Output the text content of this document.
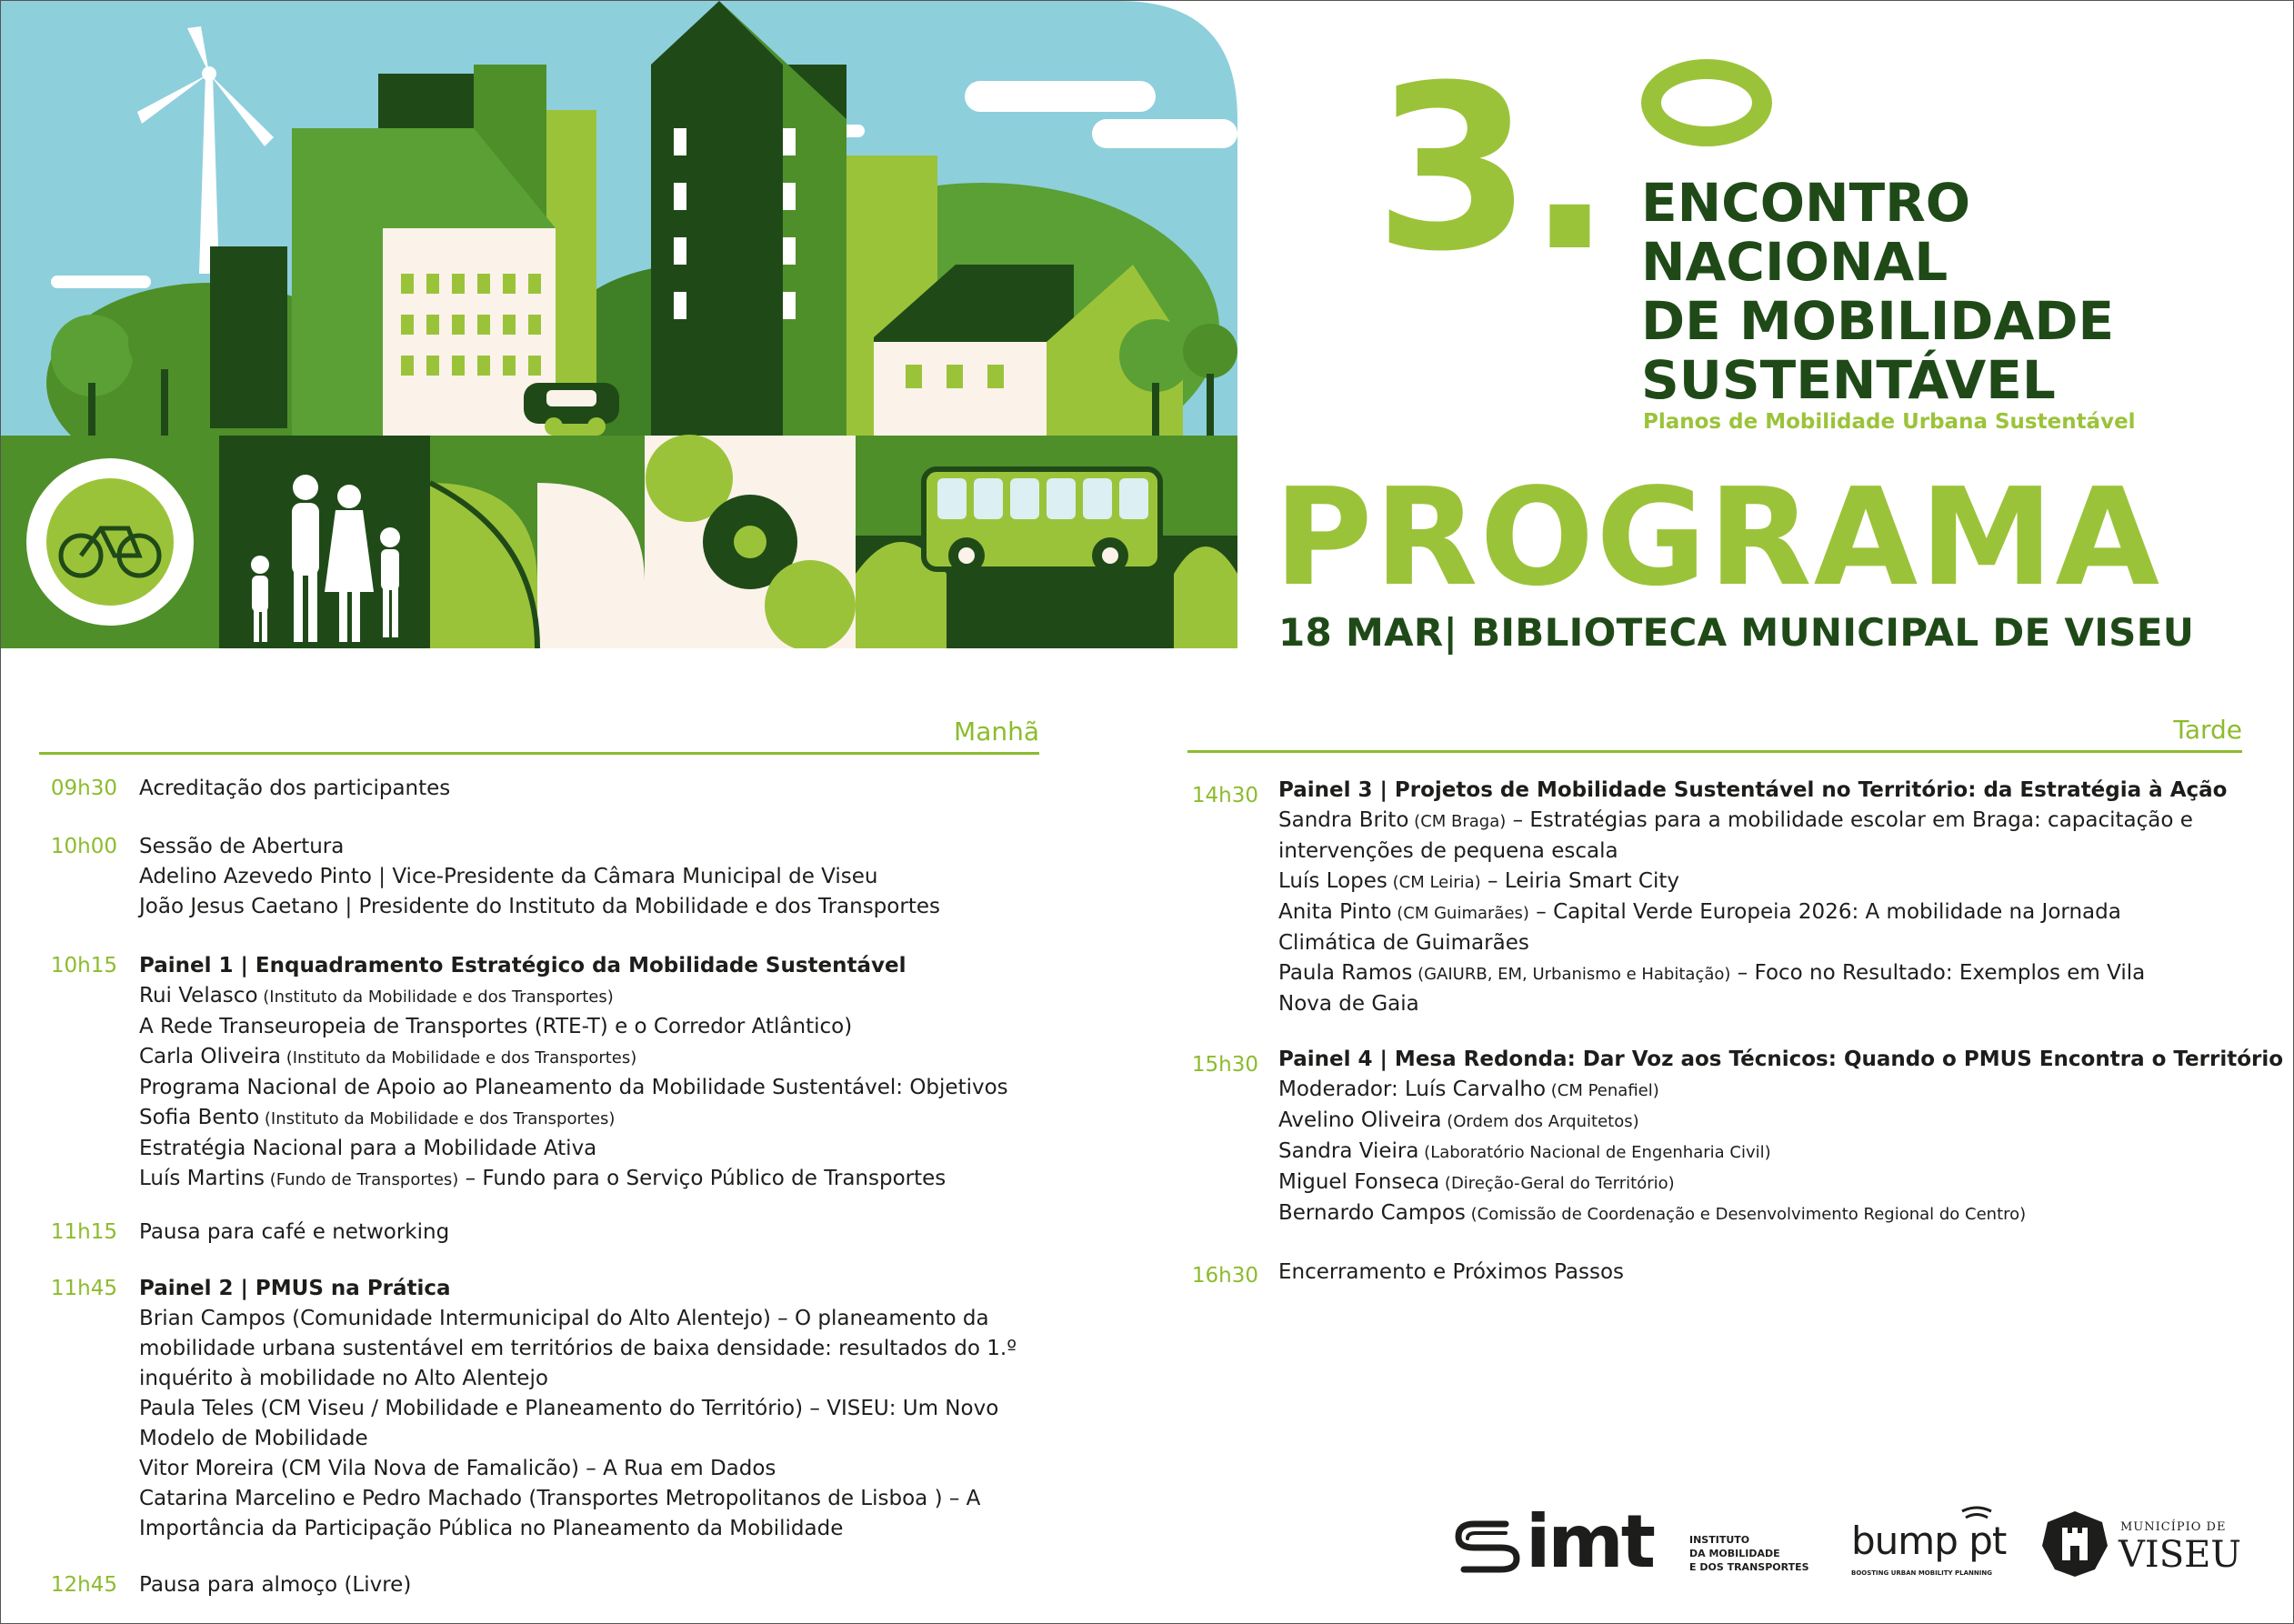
3. ENCONTRO
NACIONAL
DE MOBILIDADE
SUSTENTÁVEL
Planos de Mobilidade Urbana Sustentável
PROGRAMA
18 MAR| BIBLIOTECA MUNICIPAL DE VISEU
Manhã
09h30 Acreditação dos participantes
10h00 Sessão de Abertura
Adelino Azevedo Pinto | Vice-Presidente da Câmara Municipal de Viseu
João Jesus Caetano | Presidente do Instituto da Mobilidade e dos Transportes
10h15 Painel 1 | Enquadramento Estratégico da Mobilidade Sustentável
Rui Velasco (Instituto da Mobilidade e dos Transportes)
A Rede Transeuropeia de Transportes (RTE-T) e o Corredor Atlântico)
Carla Oliveira (Instituto da Mobilidade e dos Transportes)
Programa Nacional de Apoio ao Planeamento da Mobilidade Sustentável: Objetivos
Sofia Bento (Instituto da Mobilidade e dos Transportes)
Estratégia Nacional para a Mobilidade Ativa
Luís Martins (Fundo de Transportes) – Fundo para o Serviço Público de Transportes
11h15 Pausa para café e networking
11h45 Painel 2 | PMUS na Prática
Brian Campos (Comunidade Intermunicipal do Alto Alentejo) – O planeamento da
mobilidade urbana sustentável em territórios de baixa densidade: resultados do 1.º
inquérito à mobilidade no Alto Alentejo
Paula Teles (CM Viseu / Mobilidade e Planeamento do Território) – VISEU: Um Novo
Modelo de Mobilidade
Vitor Moreira (CM Vila Nova de Famalicão) – A Rua em Dados
Catarina Marcelino e Pedro Machado (Transportes Metropolitanos de Lisboa ) – A
Importância da Participação Pública no Planeamento da Mobilidade
12h45 Pausa para almoço (Livre)
Tarde
14h30 Painel 3 | Projetos de Mobilidade Sustentável no Território: da Estratégia à Ação
Sandra Brito (CM Braga) – Estratégias para a mobilidade escolar em Braga: capacitação e
intervenções de pequena escala
Luís Lopes (CM Leiria) – Leiria Smart City
Anita Pinto (CM Guimarães) – Capital Verde Europeia 2026: A mobilidade na Jornada
Climática de Guimarães
Paula Ramos (GAIURB, EM, Urbanismo e Habitação) – Foco no Resultado: Exemplos em Vila
Nova de Gaia
15h30 Painel 4 | Mesa Redonda: Dar Voz aos Técnicos: Quando o PMUS Encontra o Território
Moderador: Luís Carvalho (CM Penafiel)
Avelino Oliveira (Ordem dos Arquitetos)
Sandra Vieira (Laboratório Nacional de Engenharia Civil)
Miguel Fonseca (Direção-Geral do Território)
Bernardo Campos (Comissão de Coordenação e Desenvolvimento Regional do Centro)
16h30 Encerramento e Próximos Passos
imt	INSTITUTO
DA MOBILIDADE
E DOS TRANSPORTES
bump pt
BOOSTING URBAN MOBILITY PLANNING
MUNICÍPIO DE
VISEU
